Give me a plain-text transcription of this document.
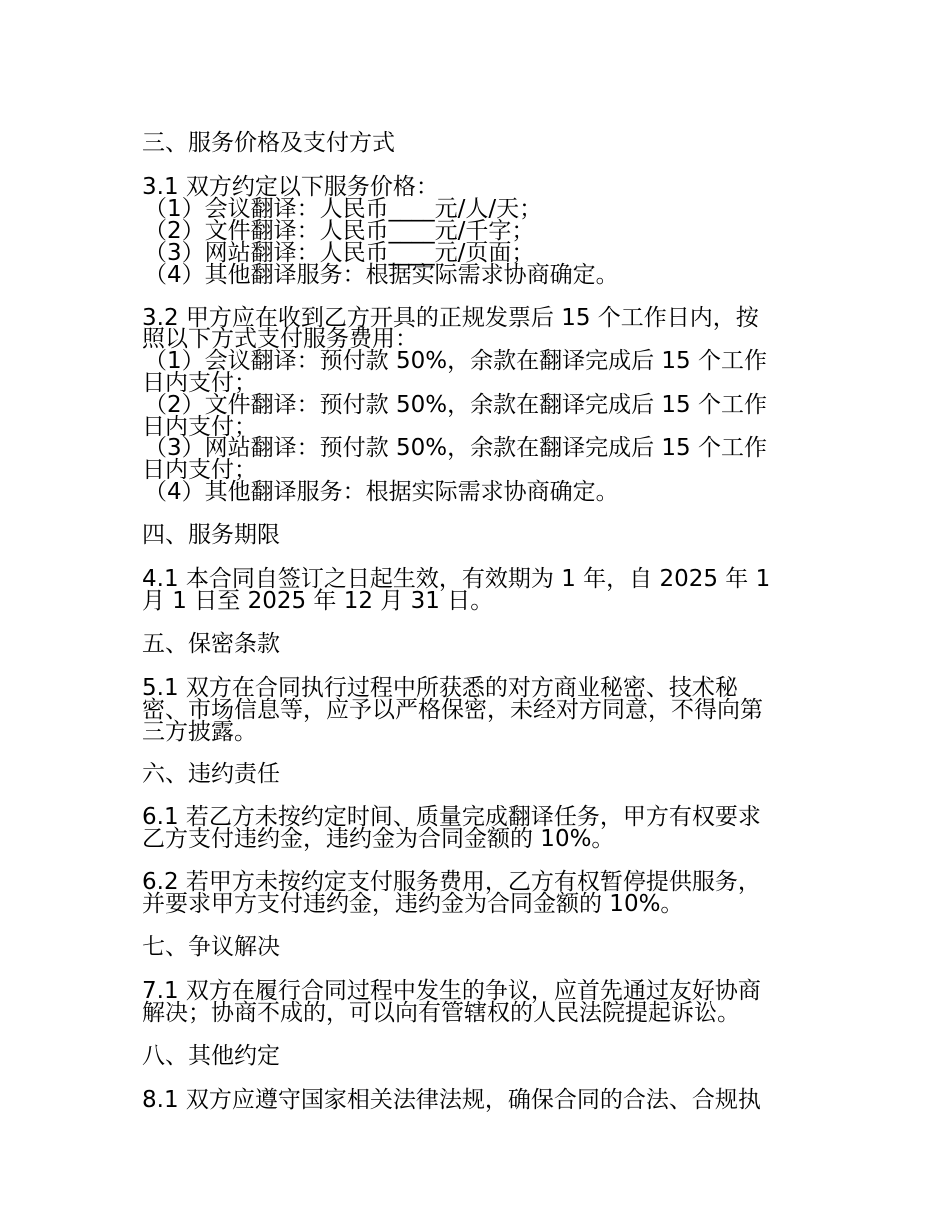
三、服务价格及支付方式
3.1 双方约定以下服务价格：
（1）会议翻译：人民币____元/人/天；
（2）文件翻译：人民币____元/千字；
（3）网站翻译：人民币____元/页面；
（4）其他翻译服务：根据实际需求协商确定。
3.2 甲方应在收到乙方开具的正规发票后 15 个工作日内，按
照以下方式支付服务费用：
（1）会议翻译：预付款 50%，余款在翻译完成后 15 个工作
日内支付；
（2）文件翻译：预付款 50%，余款在翻译完成后 15 个工作
日内支付；
（3）网站翻译：预付款 50%，余款在翻译完成后 15 个工作
日内支付；
（4）其他翻译服务：根据实际需求协商确定。
四、服务期限
4.1 本合同自签订之日起生效，有效期为 1 年，自 2025 年 1
月 1 日至 2025 年 12 月 31 日。
五、保密条款
5.1 双方在合同执行过程中所获悉的对方商业秘密、技术秘
密、市场信息等，应予以严格保密，未经对方同意，不得向第
三方披露。
六、违约责任
6.1 若乙方未按约定时间、质量完成翻译任务，甲方有权要求
乙方支付违约金，违约金为合同金额的 10%。
6.2 若甲方未按约定支付服务费用，乙方有权暂停提供服务，
并要求甲方支付违约金，违约金为合同金额的 10%。
七、争议解决
7.1 双方在履行合同过程中发生的争议，应首先通过友好协商
解决；协商不成的，可以向有管辖权的人民法院提起诉讼。
八、其他约定
8.1 双方应遵守国家相关法律法规，确保合同的合法、合规执
